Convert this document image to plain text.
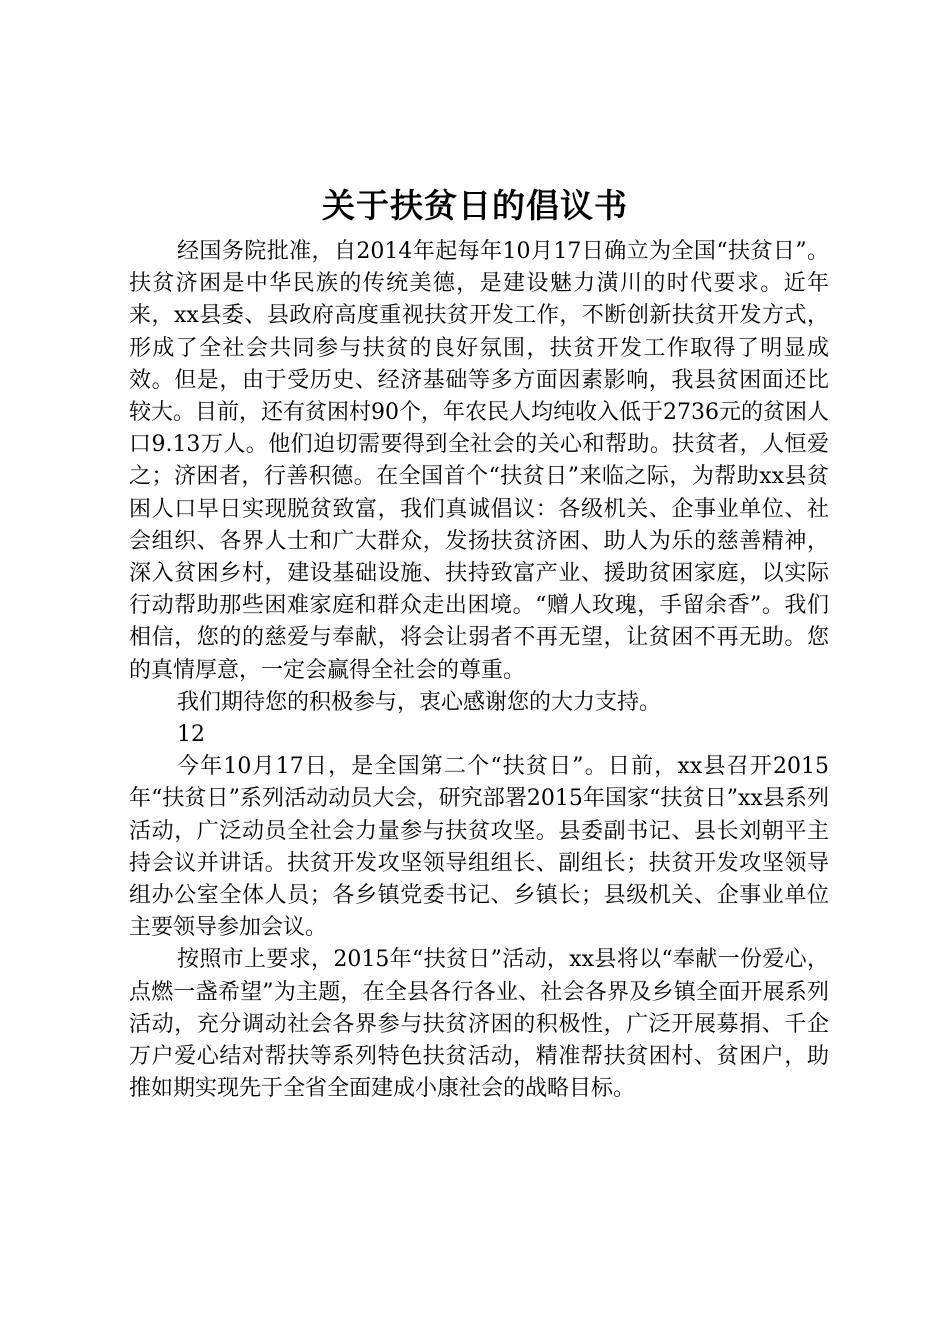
关于扶贫日的倡议书

经国务院批准，自2014年起每年10月17日确立为全国“扶贫日”。扶贫济困是中华民族的传统美德，是建设魅力潢川的时代要求。近年来，xx县委、县政府高度重视扶贫开发工作，不断创新扶贫开发方式，形成了全社会共同参与扶贫的良好氛围，扶贫开发工作取得了明显成效。但是，由于受历史、经济基础等多方面因素影响，我县贫困面还比较大。目前，还有贫困村90个，年农民人均纯收入低于2736元的贫困人口9.13万人。他们迫切需要得到全社会的关心和帮助。扶贫者，人恒爱之；济困者，行善积德。在全国首个“扶贫日”来临之际，为帮助xx县贫困人口早日实现脱贫致富，我们真诚倡议：各级机关、企事业单位、社会组织、各界人士和广大群众，发扬扶贫济困、助人为乐的慈善精神，深入贫困乡村，建设基础设施、扶持致富产业、援助贫困家庭，以实际行动帮助那些困难家庭和群众走出困境。“赠人玫瑰，手留余香”。我们相信，您的的慈爱与奉献，将会让弱者不再无望，让贫困不再无助。您的真情厚意，一定会赢得全社会的尊重。

我们期待您的积极参与，衷心感谢您的大力支持。

12

今年10月17日，是全国第二个“扶贫日”。日前，xx县召开2015年“扶贫日”系列活动动员大会，研究部署2015年国家“扶贫日”xx县系列活动，广泛动员全社会力量参与扶贫攻坚。县委副书记、县长刘朝平主持会议并讲话。扶贫开发攻坚领导组组长、副组长；扶贫开发攻坚领导组办公室全体人员；各乡镇党委书记、乡镇长；县级机关、企事业单位主要领导参加会议。

按照市上要求，2015年“扶贫日”活动，xx县将以“奉献一份爱心，点燃一盏希望”为主题，在全县各行各业、社会各界及乡镇全面开展系列活动，充分调动社会各界参与扶贫济困的积极性，广泛开展募捐、千企万户爱心结对帮扶等系列特色扶贫活动，精准帮扶贫困村、贫困户，助推如期实现先于全省全面建成小康社会的战略目标。
